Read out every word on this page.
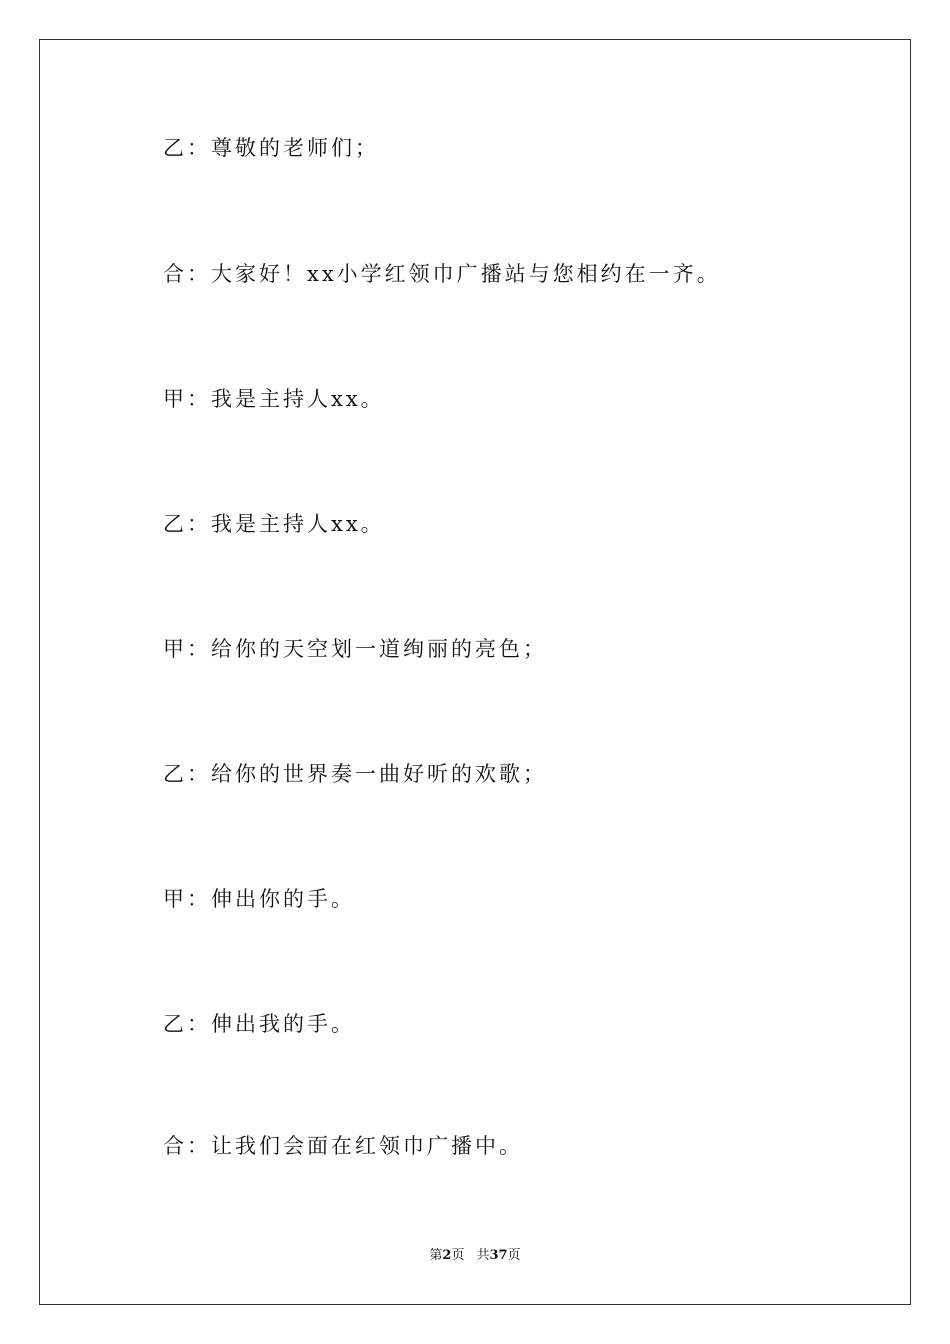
乙：尊敬的老师们；
合：大家好！xx小学红领巾广播站与您相约在一齐。
甲：我是主持人xx。
乙：我是主持人xx。
甲：给你的天空划一道绚丽的亮色；
乙：给你的世界奏一曲好听的欢歌；
甲：伸出你的手。
乙：伸出我的手。
合：让我们会面在红领巾广播中。
第2页 共37页
